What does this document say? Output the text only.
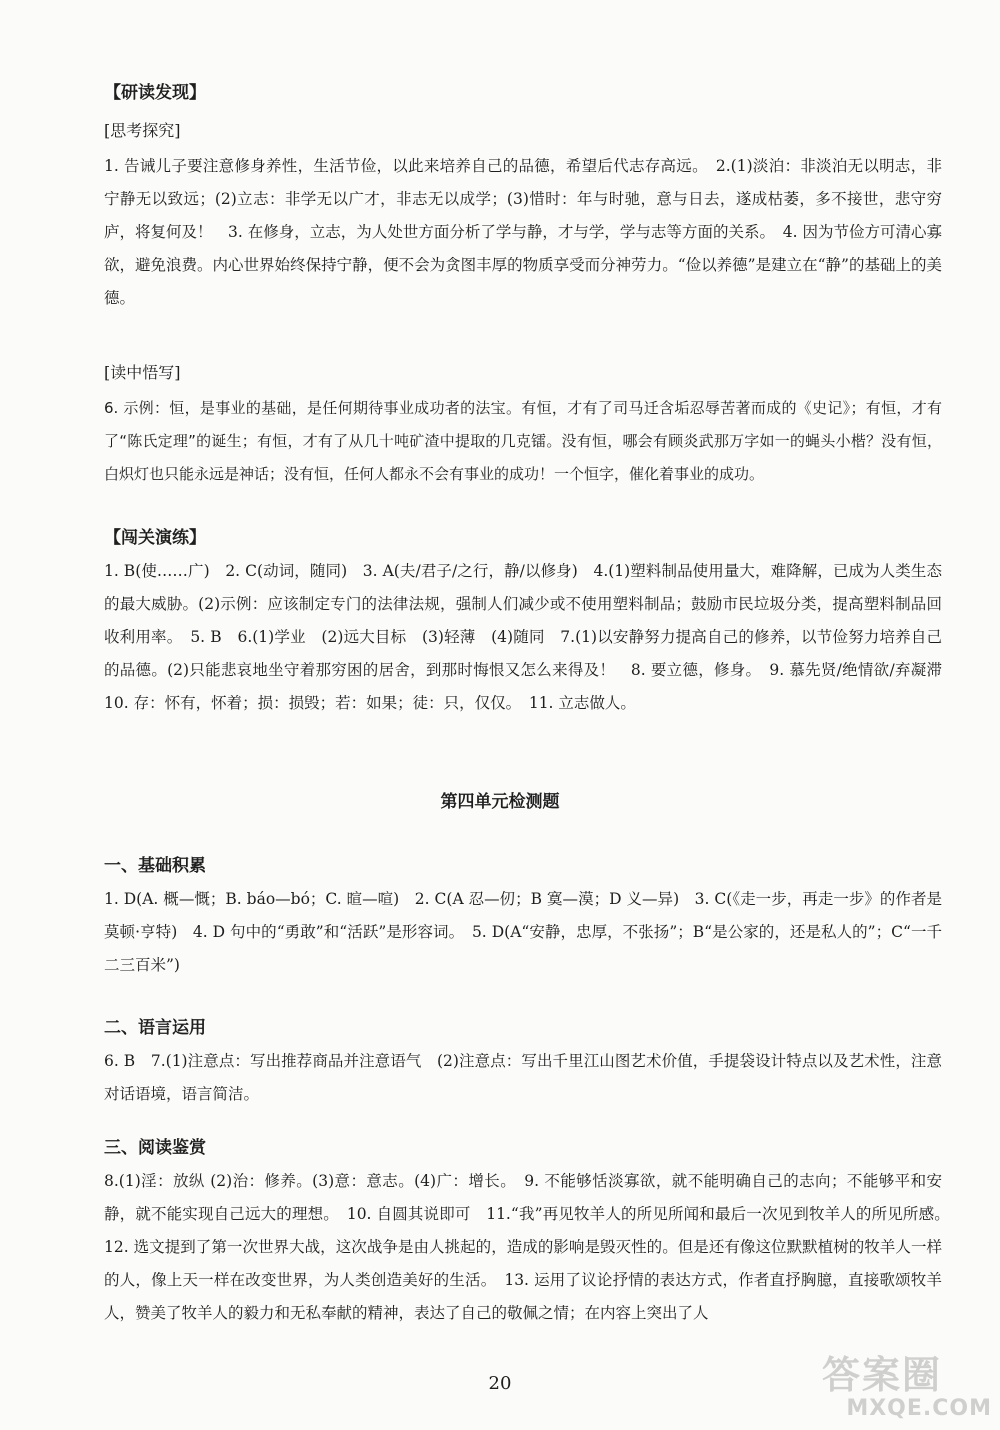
【研读发现】

[思考探究]

1. 告诫儿子要注意修身养性，生活节俭，以此来培养自己的品德，希望后代志存高远。　2.(1)淡泊：非淡泊无以明志，非宁静无以致远；(2)立志：非学无以广才，非志无以成学；(3)惜时：年与时驰，意与日去，遂成枯萎，多不接世，悲守穷庐，将复何及！　3. 在修身，立志，为人处世方面分析了学与静，才与学，学与志等方面的关系。　4. 因为节俭方可清心寡欲，避免浪费。内心世界始终保持宁静，便不会为贪图丰厚的物质享受而分神劳力。“俭以养德”是建立在“静”的基础上的美德。

[读中悟写]

6. 示例：恒，是事业的基础，是任何期待事业成功者的法宝。有恒，才有了司马迁含垢忍辱苦著而成的《史记》；有恒，才有了“陈氏定理”的诞生；有恒，才有了从几十吨矿渣中提取的几克镭。没有恒，哪会有顾炎武那万字如一的蝇头小楷？没有恒，白炽灯也只能永远是神话；没有恒，任何人都永不会有事业的成功！一个恒字，催化着事业的成功。

【闯关演练】

1. B(使……广)　2. C(动词，随同)　3. A(夫/君子/之行，静/以修身)　4.(1)塑料制品使用量大，难降解，已成为人类生态的最大威胁。(2)示例：应该制定专门的法律法规，强制人们减少或不使用塑料制品；鼓励市民垃圾分类，提高塑料制品回收利用率。　5. B　6.(1)学业　(2)远大目标　(3)轻薄　(4)随同　7.(1)以安静努力提高自己的修养，以节俭努力培养自己的品德。(2)只能悲哀地坐守着那穷困的居舍，到那时悔恨又怎么来得及！　8. 要立德，修身。　9. 慕先贤/绝情欲/弃凝滞　10. 存：怀有，怀着；损：损毁；若：如果；徒：只，仅仅。　11. 立志做人。

第四单元检测题
一、基础积累

1. D(A. 概—慨；B. báo—bó；C. 暄—喧)　2. C(A 忍—仞；B 寞—漠；D 义—异)　3. C(《走一步，再走一步》的作者是莫顿·亨特)　4. D 句中的“勇敢”和“活跃”是形容词。　5. D(A“安静，忠厚，不张扬”；B“是公家的，还是私人的”；C“一千二三百米”)

二、语言运用

6. B　7.(1)注意点：写出推荐商品并注意语气　(2)注意点：写出千里江山图艺术价值，手提袋设计特点以及艺术性，注意对话语境，语言简洁。

三、阅读鉴赏

8.(1)淫：放纵 (2)治：修养。(3)意：意志。(4)广：增长。　9. 不能够恬淡寡欲，就不能明确自己的志向；不能够平和安静，就不能实现自己远大的理想。　10. 自圆其说即可　11.“我”再见牧羊人的所见所闻和最后一次见到牧羊人的所见所感。　12. 选文提到了第一次世界大战，这次战争是由人挑起的，造成的影响是毁灭性的。但是还有像这位默默植树的牧羊人一样的人，像上天一样在改变世界，为人类创造美好的生活。　13. 运用了议论抒情的表达方式，作者直抒胸臆，直接歌颂牧羊人，赞美了牧羊人的毅力和无私奉献的精神，表达了自己的敬佩之情；在内容上突出了人

20	答案圈
MXQE.COM
